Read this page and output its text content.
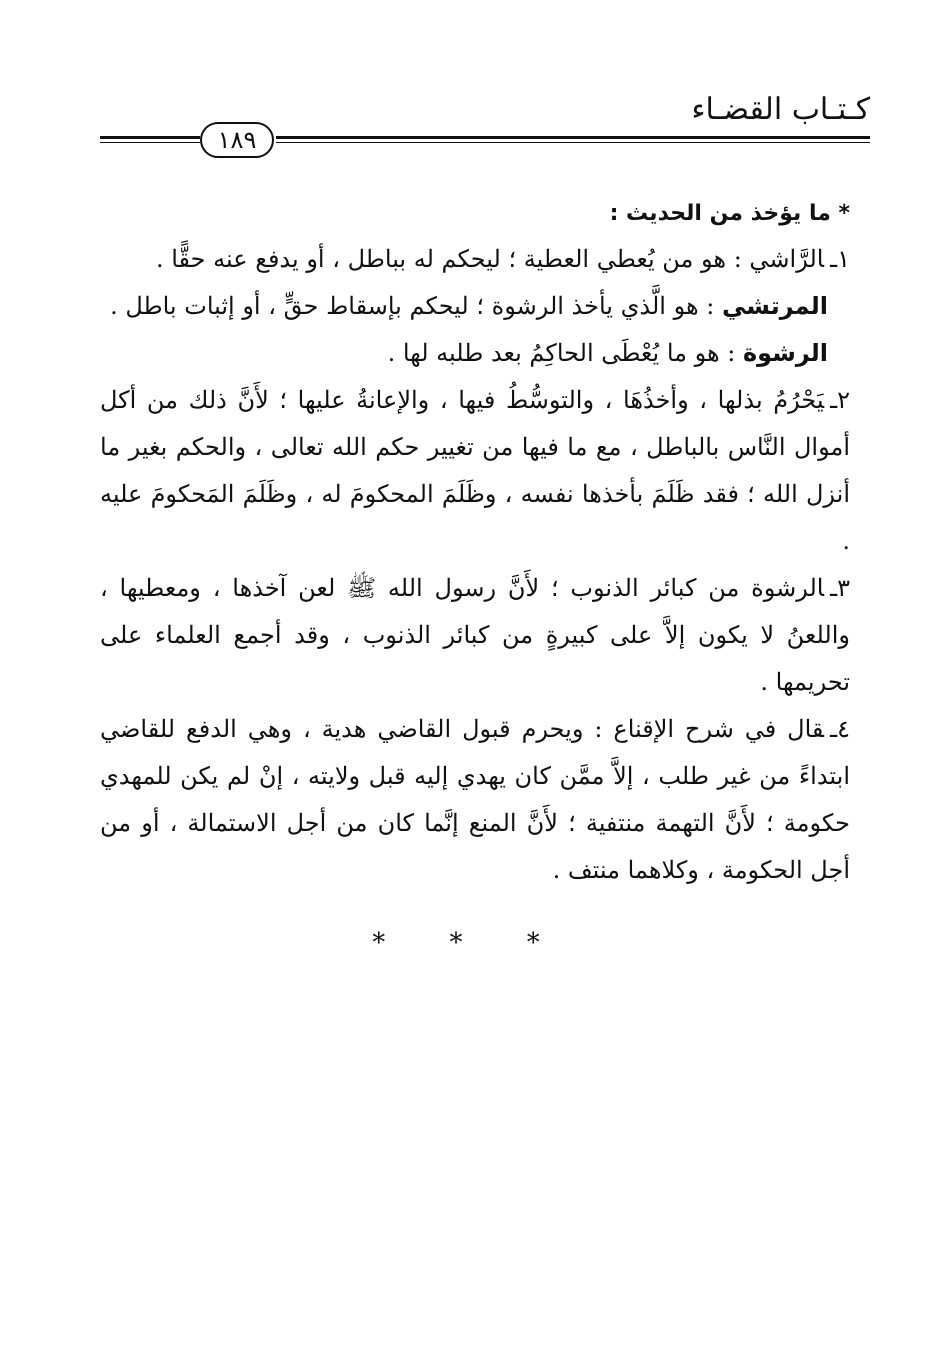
كـتـاب القضـاء
١٨٩

* ما يؤخذ من الحديث :

١ـالرَّاشي : هو من يُعطي العطية ؛ ليحكم له بباطل ، أو يدفع عنه حقًّا .

المرتشي : هو الَّذي يأخذ الرشوة ؛ ليحكم بإسقاط حقٍّ ، أو إثبات باطل .

الرشوة : هو ما يُعْطَى الحاكِمُ بعد طلبه لها .

٢ـيَحْرُمُ بذلها ، وأخذُهَا ، والتوسُّطُ فيها ، والإعانةُ عليها ؛ لأَنَّ ذلك من أكل أموال النَّاس بالباطل ، مع ما فيها من تغيير حكم الله تعالى ، والحكم بغير ما أنزل الله ؛ فقد ظَلَمَ بأخذها نفسه ، وظَلَمَ المحكومَ له ، وظَلَمَ المَحكومَ عليه .

٣ـالرشوة من كبائر الذنوب ؛ لأَنَّ رسول الله ﷺ لعن آخذها ، ومعطيها ، واللعنُ لا يكون إلاَّ على كبيرةٍ من كبائر الذنوب ، وقد أجمع العلماء على تحريمها .

٤ـقال في شرح الإقناع : ويحرم قبول القاضي هدية ، وهي الدفع للقاضي ابتداءً من غير طلب ، إلاَّ ممَّن كان يهدي إليه قبل ولايته ، إنْ لم يكن للمهدي حكومة ؛ لأَنَّ التهمة منتفية ؛ لأَنَّ المنع إنَّما كان من أجل الاستمالة ، أو من أجل الحكومة ، وكلاهما منتف .

* * *
